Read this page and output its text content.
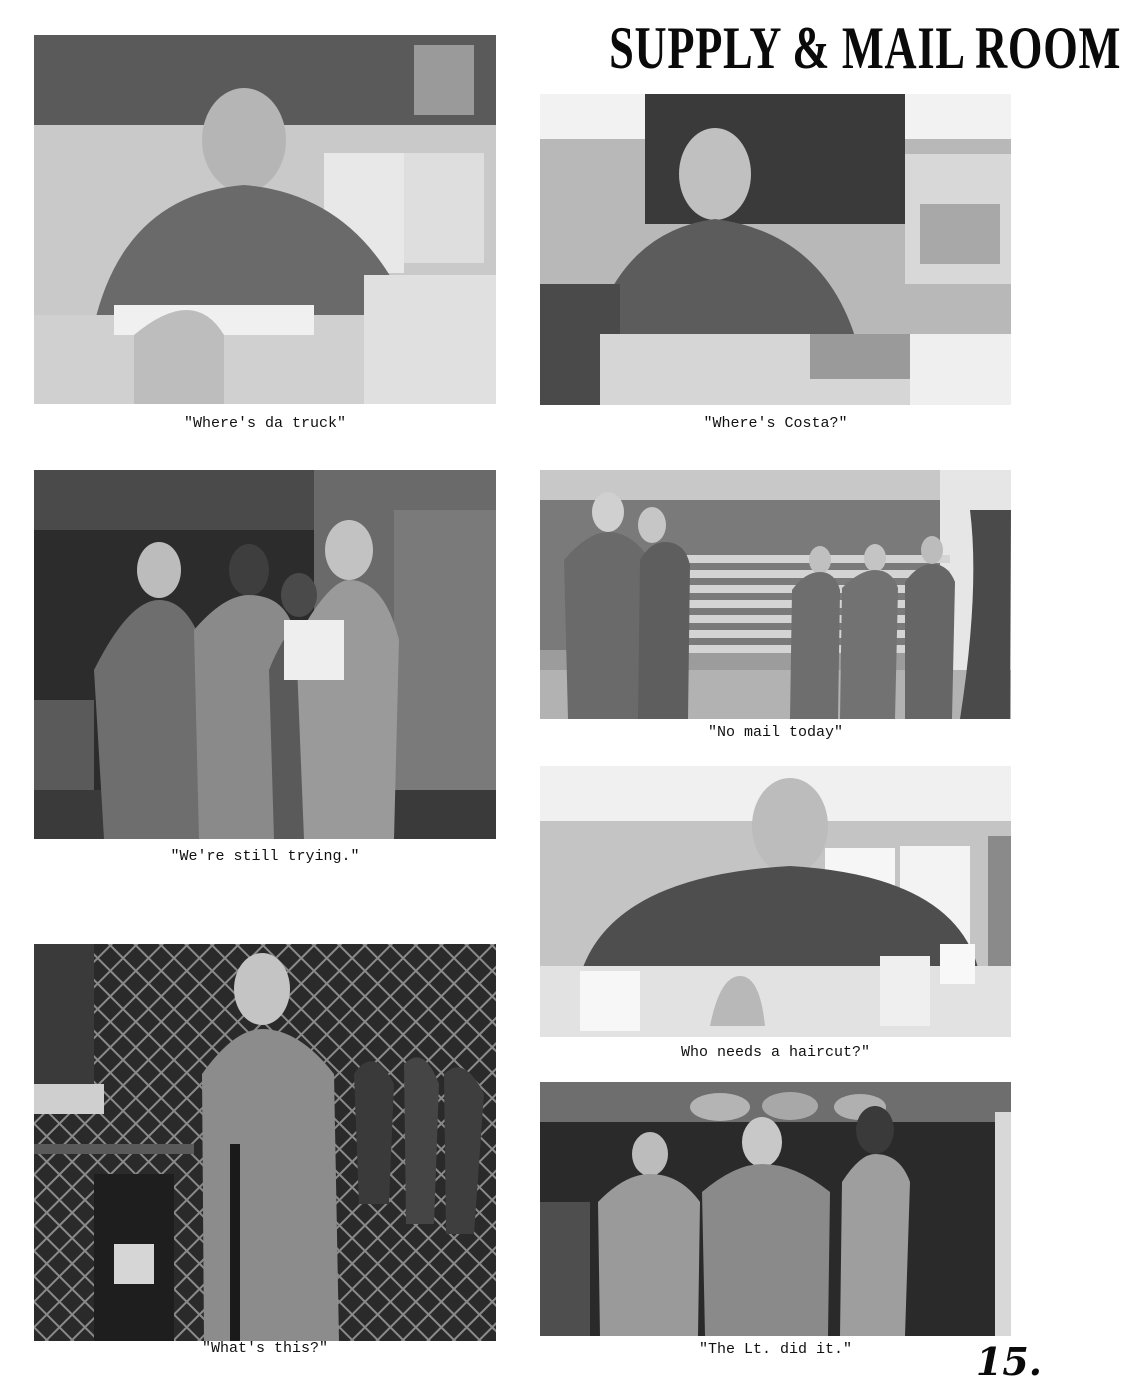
SUPPLY & MAIL ROOM
"Where's da truck"	"Where's Costa?"
"We're still trying."
"No mail today"
Who needs a haircut?"
"What's this?"	"The Lt. did it."	15.
